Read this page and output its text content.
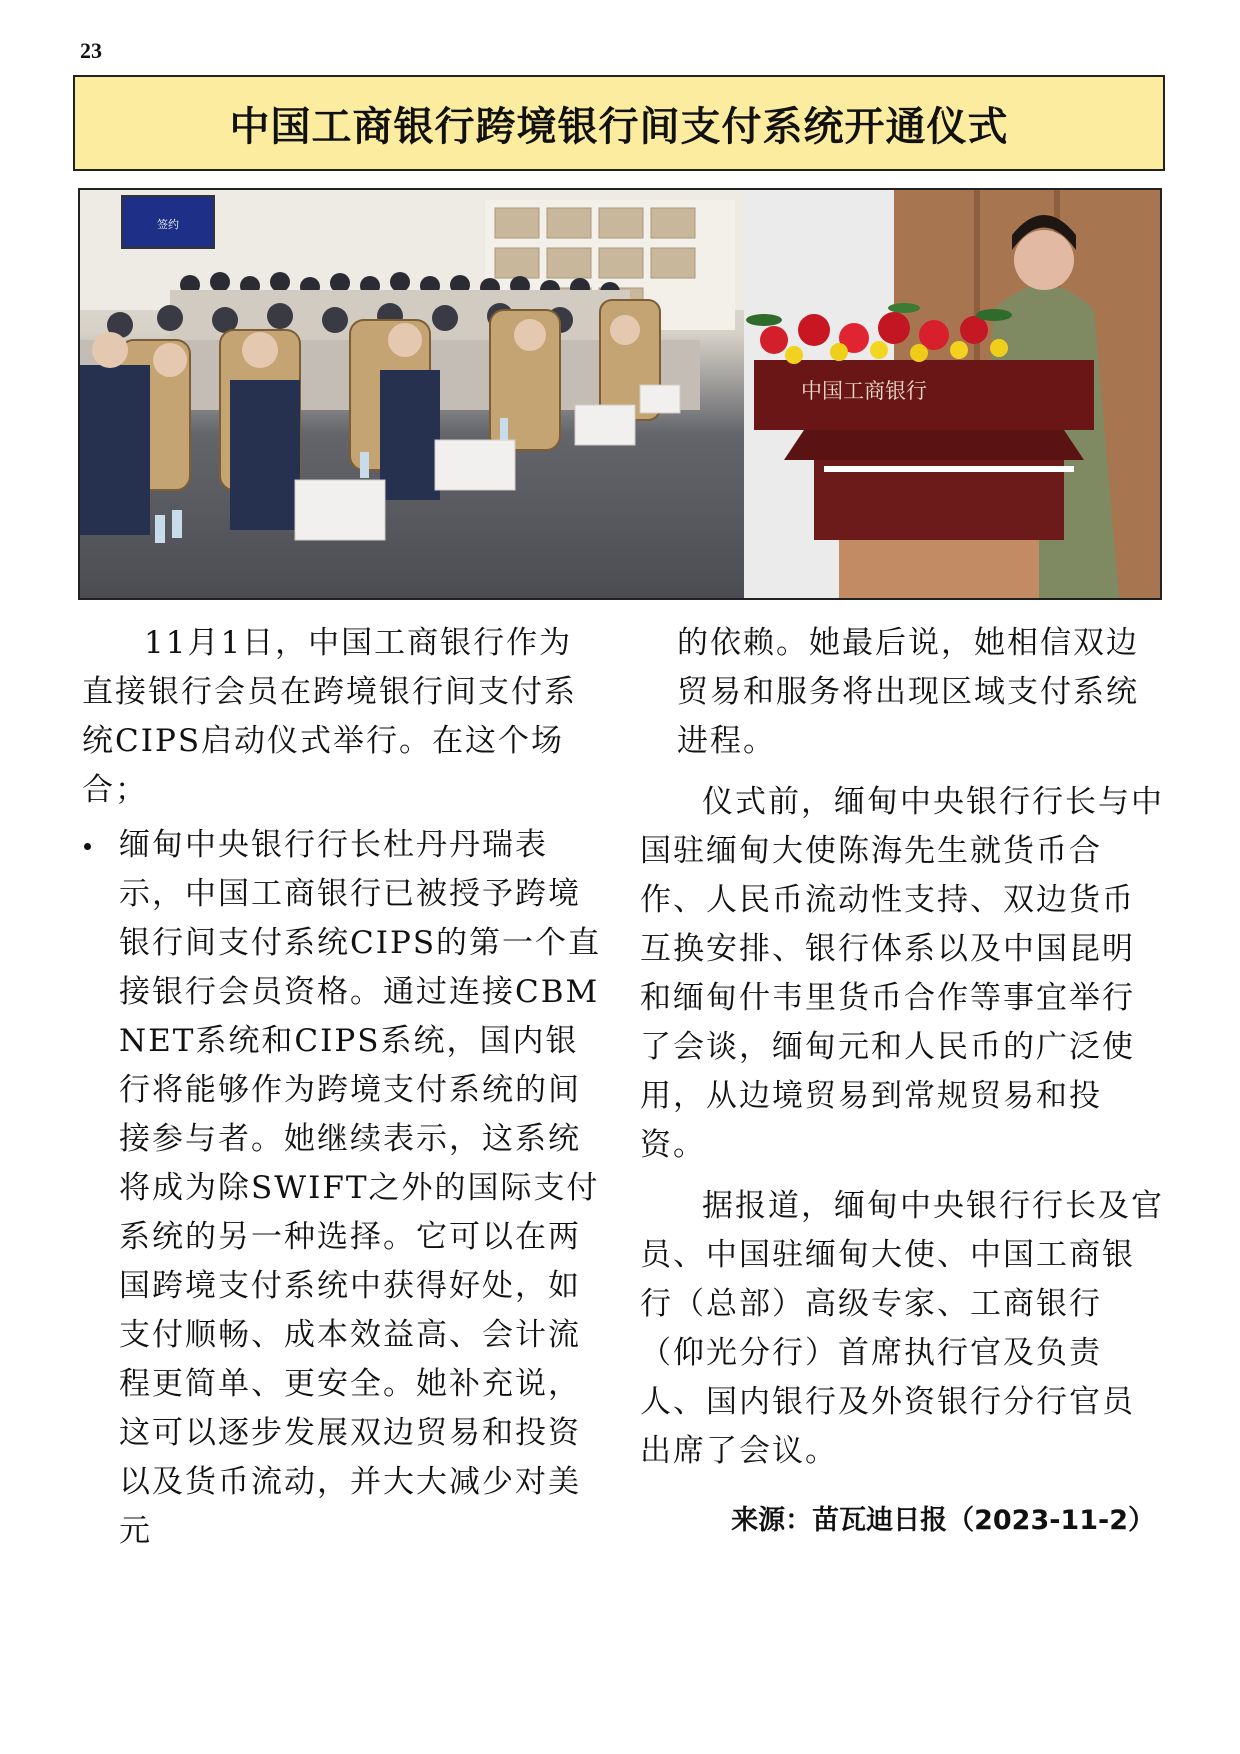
23
中国工商银行跨境银行间支付系统开通仪式
签约
中国工商银行

11月1日，中国工商银行作为直接银行会员在跨境银行间支付系统CIPS启动仪式举行。在这个场合；

缅甸中央银行行长杜丹丹瑞表示，中国工商银行已被授予跨境银行间支付系统CIPS的第一个直接银行会员资格。通过连接CBM NET系统和CIPS系统，国内银行将能够作为跨境支付系统的间接参与者。她继续表示，这系统将成为除SWIFT之外的国际支付系统的另一种选择。它可以在两国跨境支付系统中获得好处，如支付顺畅、成本效益高、会计流程更简单、更安全。她补充说，这可以逐步发展双边贸易和投资以及货币流动，并大大减少对美元

的依赖。她最后说，她相信双边贸易和服务将出现区域支付系统进程。

仪式前，缅甸中央银行行长与中国驻缅甸大使陈海先生就货币合作、人民币流动性支持、双边货币互换安排、银行体系以及中国昆明和缅甸什韦里货币合作等事宜举行了会谈，缅甸元和人民币的广泛使用，从边境贸易到常规贸易和投资。

据报道，缅甸中央银行行长及官员、中国驻缅甸大使、中国工商银行（总部）高级专家、工商银行（仰光分行）首席执行官及负责人、国内银行及外资银行分行官员出席了会议。

来源：苗瓦迪日报（2023-11-2）
